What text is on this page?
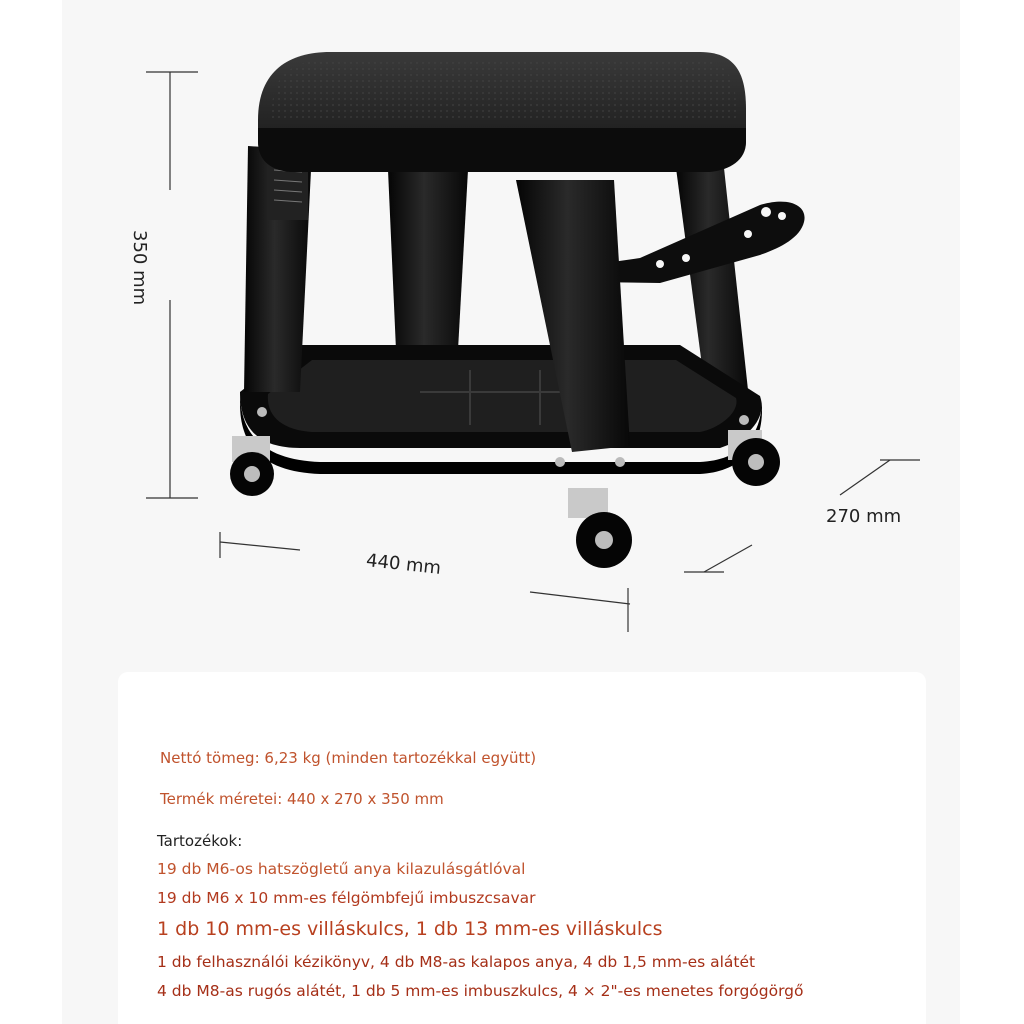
350 mm
440 mm
270 mm
Nettó tömeg: 6,23 kg (minden tartozékkal együtt)
Termék méretei: 440 x 270 x 350 mm
Tartozékok:
19 db M6-os hatszögletű anya kilazulásgátlóval
19 db M6 x 10 mm-es félgömbfejű imbuszcsavar
1 db 10 mm-es villáskulcs, 1 db 13 mm-es villáskulcs
1 db felhasználói kézikönyv, 4 db M8-as kalapos anya, 4 db 1,5 mm-es alátét
4 db M8-as rugós alátét, 1 db 5 mm-es imbuszkulcs, 4 × 2"-es menetes forgógörgő
